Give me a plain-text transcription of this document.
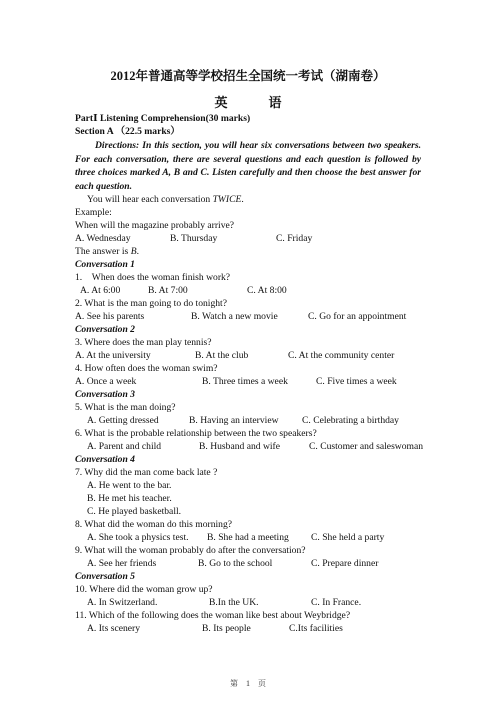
2012年普通高等学校招生全国统一考试（湖南卷）
英　语
PartⅠ Listening Comprehension(30 marks)
Section A （22.5 marks）
Directions: In this section, you will hear six conversations between two speakers. For each conversation, there are several questions and each question is followed by three choices marked A, B and C. Listen carefully and then choose the best answer for each question.
You will hear each conversation TWICE.
Example:
When will the magazine probably arrive?
A. Wednesday	B. Thursday	C. Friday
The answer is B.
Conversation 1
1.　When does the woman finish work?
A. At 6:00	B. At 7:00	C. At 8:00
2. What is the man going to do tonight?
A. See his parents	B. Watch a new movie	C. Go for an appointment
Conversation 2
3. Where does the man play tennis?
A. At the university	B. At the club	C. At the community center
4. How often does the woman swim?
A. Once a week	B. Three times a week	C. Five times a week
Conversation 3
5. What is the man doing?
A. Getting dressed	B. Having an interview C. Celebrating a birthday
6. What is the probable relationship between the two speakers?
A. Parent and child	B. Husband and wife	C. Customer and saleswoman
Conversation 4
7. Why did the man come back late ?
A. He went to the bar.
B. He met his teacher.
C. He played basketball.
8. What did the woman do this morning?
A. She took a physics test. B. She had a meeting C. She held a party
9. What will the woman probably do after the conversation?
A. See her friends	B. Go to the school	C. Prepare dinner
Conversation 5
10. Where did the woman grow up?
A. In Switzerland.	B.In the UK.	C. In France.
11. Which of the following does the woman like best about Weybridge?
A. Its scenery	B. Its people	C.Its facilities
第　1　页
